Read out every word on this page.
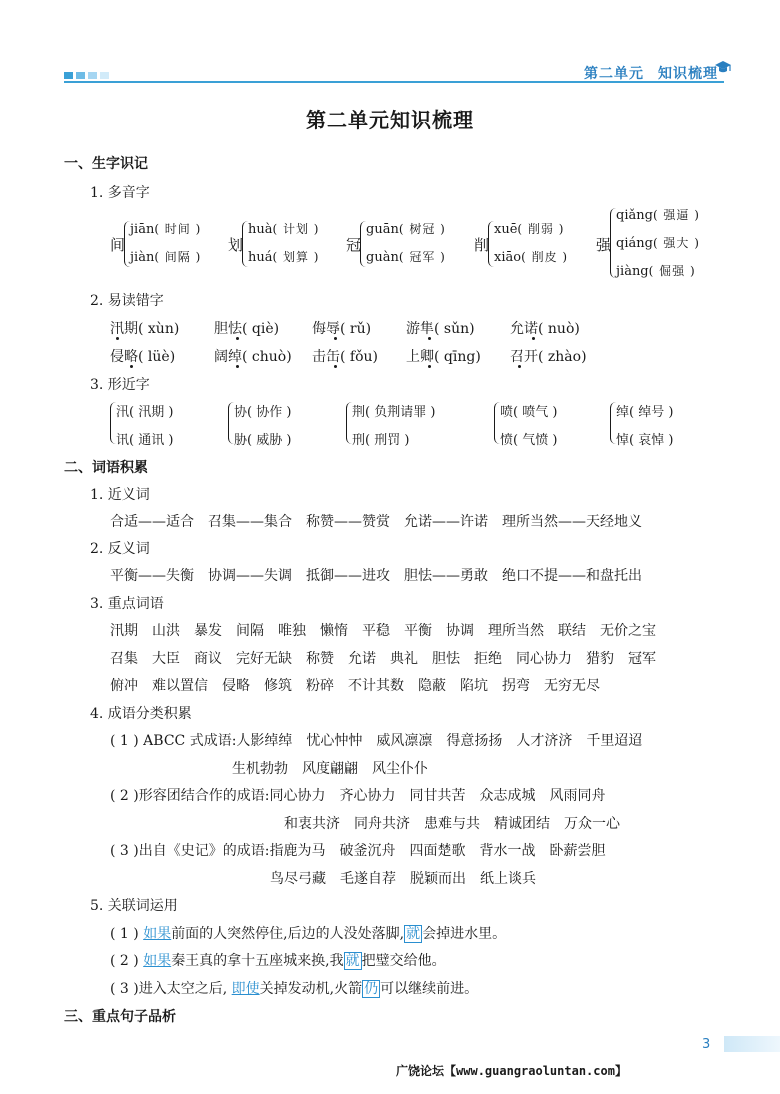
第二单元 知识梳理
第二单元知识梳理
一、生字识记
1. 多音字
间
jiān( 时间 )
jiàn( 间隔 )
划
huà( 计划 )
huá( 划算 )
冠
guān( 树冠 )
guàn( 冠军 )
削
xuē( 削弱 )
xiāo( 削皮 )
强
qiǎng( 强逼 )
qiáng( 强大 )
jiàng( 倔强 )
2. 易读错字
汛期( xùn) 胆怯( qiè) 侮辱( rǔ) 游隼( sǔn)	允诺( nuò)
侵略( lüè)	阔绰( chuò) 击缶( fǒu) 上卿( qīng) 召开( zhào)
3. 形近字
汛( 汛期 )
讯( 通讯 )
协( 协作 )
胁( 威胁 )
荆( 负荆请罪 )
刑( 刑罚 )
喷( 喷气 )
愤( 气愤 )
绰( 绰号 )
悼( 哀悼 )
二、词语积累
1. 近义词
合适——适合　召集——集合　称赞——赞赏　允诺——许诺　理所当然——天经地义
2. 反义词
平衡——失衡　协调——失调　抵御——进攻　胆怯——勇敢　绝口不提——和盘托出
3. 重点词语
汛期　山洪　暴发　间隔　唯独　懒惰　平稳　平衡　协调　理所当然　联结　无价之宝
召集　大臣　商议　完好无缺　称赞　允诺　典礼　胆怯　拒绝　同心协力　猎豹　冠军
俯冲　难以置信　侵略　修筑　粉碎　不计其数　隐蔽　陷坑　拐弯　无穷无尽
4. 成语分类积累
( 1 ) ABCC 式成语:人影绰绰　忧心忡忡　威风凛凛　得意扬扬　人才济济　千里迢迢
生机勃勃　风度翩翩　风尘仆仆
( 2 )形容团结合作的成语:同心协力　齐心协力　同甘共苦　众志成城　风雨同舟
和衷共济　同舟共济　患难与共　精诚团结　万众一心
( 3 )出自《史记》的成语:指鹿为马　破釜沉舟　四面楚歌　背水一战　卧薪尝胆
鸟尽弓藏　毛遂自荐　脱颖而出　纸上谈兵
5. 关联词运用
( 1 ) 如果前面的人突然停住,后边的人没处落脚, 就 会掉进水里。
( 2 ) 如果秦王真的拿十五座城来换,我 就 把璧交给他。
( 3 )进入太空之后, 即使关掉发动机,火箭 仍 可以继续前进。
三、重点句子品析
3
广饶论坛【www.guangraoluntan.com】
